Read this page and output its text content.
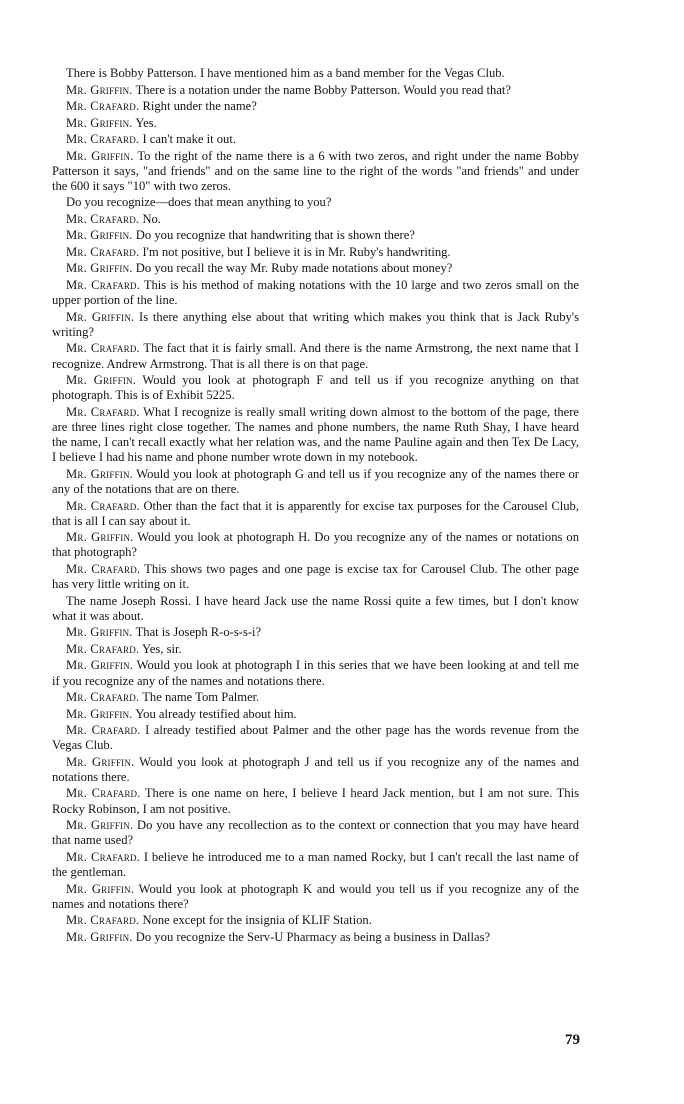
There is Bobby Patterson. I have mentioned him as a band member for the Vegas Club.

Mr. Griffin. There is a notation under the name Bobby Patterson. Would you read that?

Mr. Crafard. Right under the name?

Mr. Griffin. Yes.

Mr. Crafard. I can't make it out.

Mr. Griffin. To the right of the name there is a 6 with two zeros, and right under the name Bobby Patterson it says, "and friends" and on the same line to the right of the words "and friends" and under the 600 it says "10" with two zeros.

Do you recognize—does that mean anything to you?

Mr. Crafard. No.

Mr. Griffin. Do you recognize that handwriting that is shown there?

Mr. Crafard. I'm not positive, but I believe it is in Mr. Ruby's handwriting.

Mr. Griffin. Do you recall the way Mr. Ruby made notations about money?

Mr. Crafard. This is his method of making notations with the 10 large and two zeros small on the upper portion of the line.

Mr. Griffin. Is there anything else about that writing which makes you think that is Jack Ruby's writing?

Mr. Crafard. The fact that it is fairly small. And there is the name Armstrong, the next name that I recognize. Andrew Armstrong. That is all there is on that page.

Mr. Griffin. Would you look at photograph F and tell us if you recognize anything on that photograph. This is of Exhibit 5225.

Mr. Crafard. What I recognize is really small writing down almost to the bottom of the page, there are three lines right close together. The names and phone numbers, the name Ruth Shay, I have heard the name, I can't recall exactly what her relation was, and the name Pauline again and then Tex De Lacy, I believe I had his name and phone number wrote down in my notebook.

Mr. Griffin. Would you look at photograph G and tell us if you recognize any of the names there or any of the notations that are on there.

Mr. Crafard. Other than the fact that it is apparently for excise tax purposes for the Carousel Club, that is all I can say about it.

Mr. Griffin. Would you look at photograph H. Do you recognize any of the names or notations on that photograph?

Mr. Crafard. This shows two pages and one page is excise tax for Carousel Club. The other page has very little writing on it.

The name Joseph Rossi. I have heard Jack use the name Rossi quite a few times, but I don't know what it was about.

Mr. Griffin. That is Joseph R-o-s-s-i?

Mr. Crafard. Yes, sir.

Mr. Griffin. Would you look at photograph I in this series that we have been looking at and tell me if you recognize any of the names and notations there.

Mr. Crafard. The name Tom Palmer.

Mr. Griffin. You already testified about him.

Mr. Crafard. I already testified about Palmer and the other page has the words revenue from the Vegas Club.

Mr. Griffin. Would you look at photograph J and tell us if you recognize any of the names and notations there.

Mr. Crafard. There is one name on here, I believe I heard Jack mention, but I am not sure. This Rocky Robinson, I am not positive.

Mr. Griffin. Do you have any recollection as to the context or connection that you may have heard that name used?

Mr. Crafard. I believe he introduced me to a man named Rocky, but I can't recall the last name of the gentleman.

Mr. Griffin. Would you look at photograph K and would you tell us if you recognize any of the names and notations there?

Mr. Crafard. None except for the insignia of KLIF Station.

Mr. Griffin. Do you recognize the Serv-U Pharmacy as being a business in Dallas?

79
